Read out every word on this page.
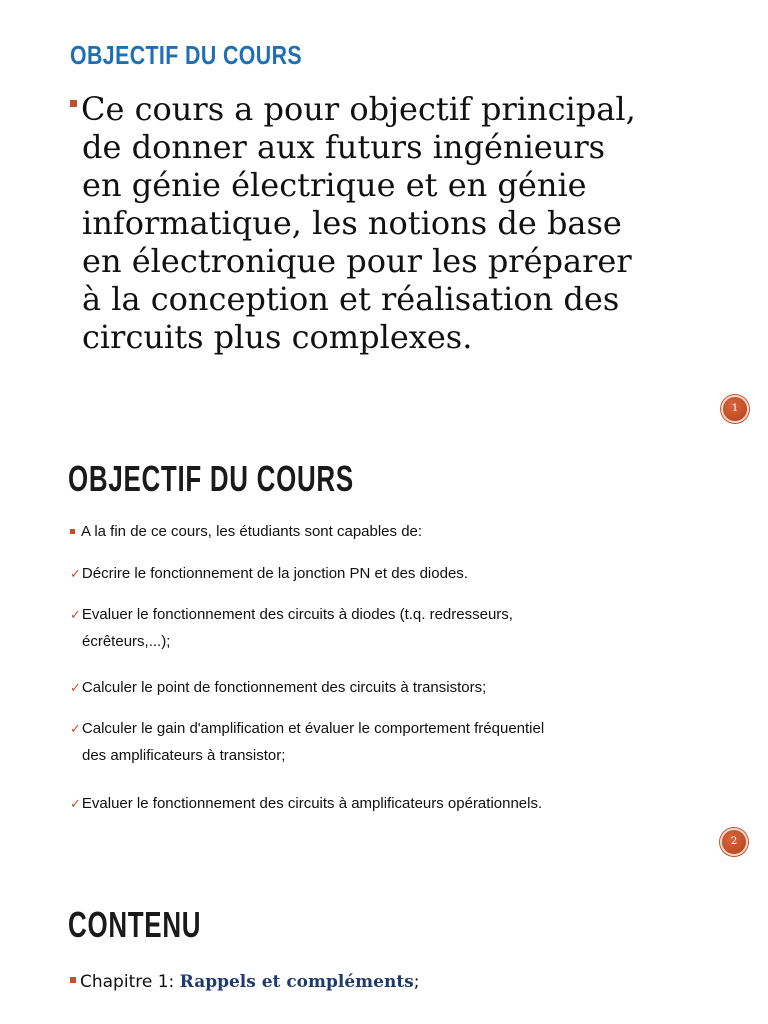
OBJECTIF DU COURS
Ce cours a pour objectif principal,
de donner aux futurs ingénieurs
en génie électrique et en génie
informatique, les notions de base
en électronique pour les préparer
à la conception et réalisation des
circuits plus complexes.
1
OBJECTIF DU COURS
A la fin de ce cours, les étudiants sont capables de:
✓Décrire le fonctionnement de la jonction PN et des diodes.
✓Evaluer le fonctionnement des circuits à diodes (t.q. redresseurs,
écrêteurs,...);
✓Calculer le point de fonctionnement des circuits à transistors;
✓Calculer le gain d'amplification et évaluer le comportement fréquentiel
des amplificateurs à transistor;
✓Evaluer le fonctionnement des circuits à amplificateurs opérationnels.
2
CONTENU
Chapitre 1: Rappels et compléments;
